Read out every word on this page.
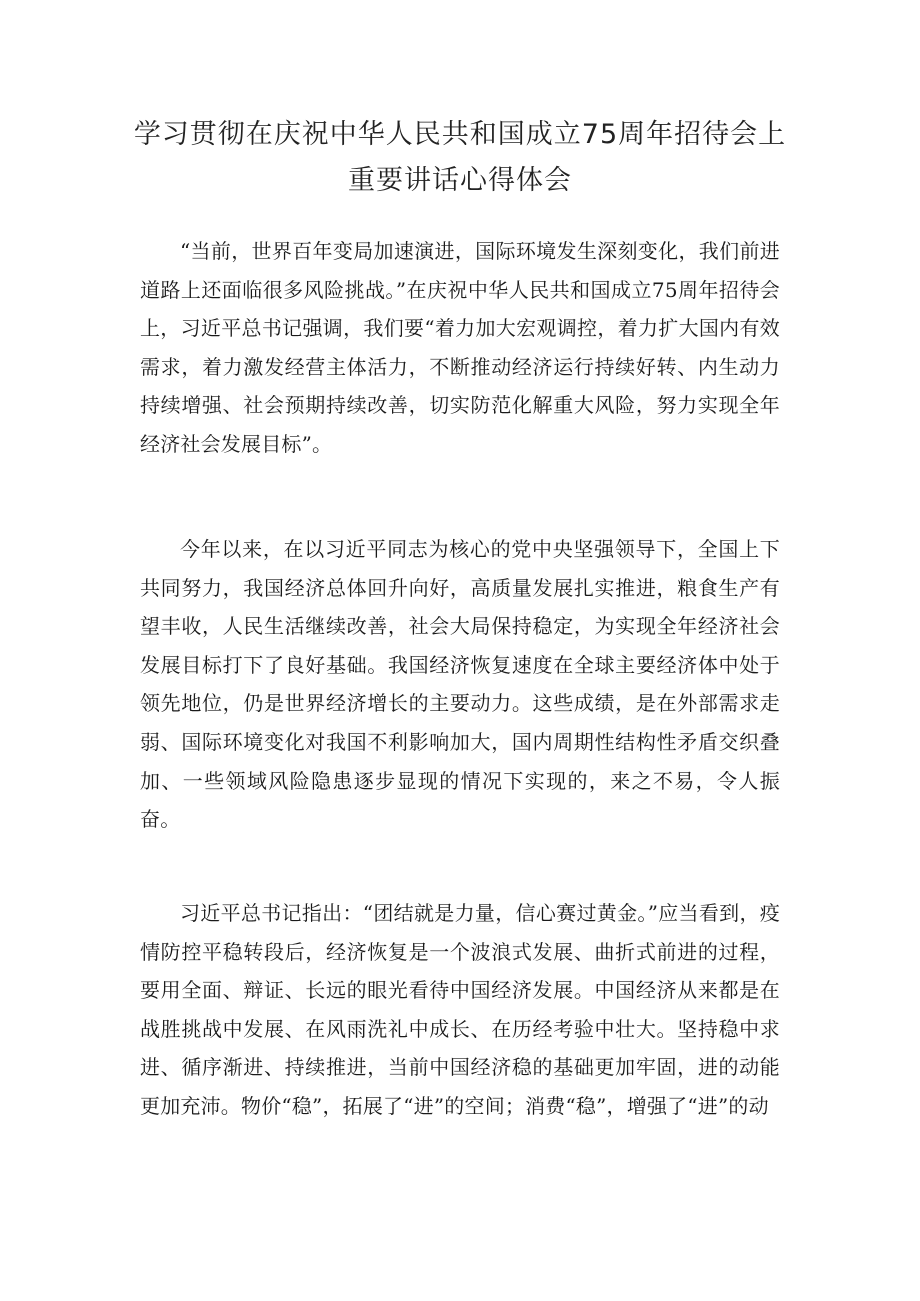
学习贯彻在庆祝中华人民共和国成立75周年招待会上重要讲话心得体会

“当前，世界百年变局加速演进，国际环境发生深刻变化，我们前进道路上还面临很多风险挑战。”在庆祝中华人民共和国成立75周年招待会上，习近平总书记强调，我们要“着力加大宏观调控，着力扩大国内有效需求，着力激发经营主体活力，不断推动经济运行持续好转、内生动力持续增强、社会预期持续改善，切实防范化解重大风险，努力实现全年经济社会发展目标”。

今年以来，在以习近平同志为核心的党中央坚强领导下，全国上下共同努力，我国经济总体回升向好，高质量发展扎实推进，粮食生产有望丰收，人民生活继续改善，社会大局保持稳定，为实现全年经济社会发展目标打下了良好基础。我国经济恢复速度在全球主要经济体中处于领先地位，仍是世界经济增长的主要动力。这些成绩，是在外部需求走弱、国际环境变化对我国不利影响加大，国内周期性结构性矛盾交织叠加、一些领域风险隐患逐步显现的情况下实现的，来之不易，令人振奋。

习近平总书记指出：“团结就是力量，信心赛过黄金。”应当看到，疫情防控平稳转段后，经济恢复是一个波浪式发展、曲折式前进的过程，要用全面、辩证、长远的眼光看待中国经济发展。中国经济从来都是在战胜挑战中发展、在风雨洗礼中成长、在历经考验中壮大。坚持稳中求进、循序渐进、持续推进，当前中国经济稳的基础更加牢固，进的动能更加充沛。物价“稳”，拓展了“进”的空间；消费“稳”，增强了“进”的动
